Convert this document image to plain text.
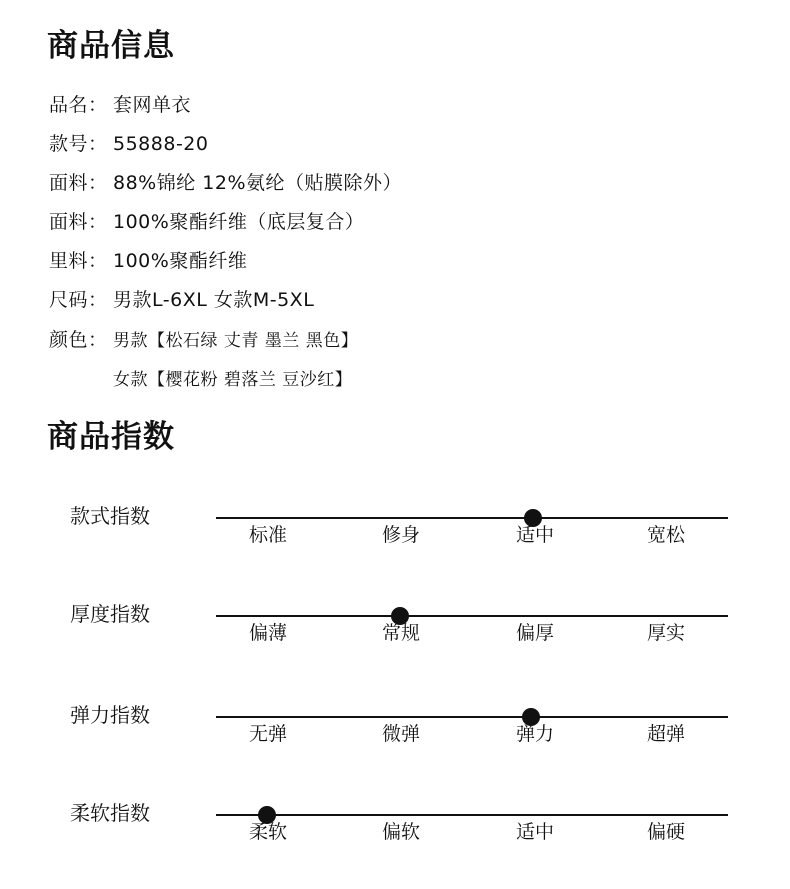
商品信息
品名： 套网单衣
款号： 55888-20
面料： 88%锦纶 12%氨纶（贴膜除外）
面料： 100%聚酯纤维（底层复合）
里料： 100%聚酯纤维
尺码： 男款L-6XL 女款M-5XL
颜色： 男款【松石绿 丈青 墨兰 黑色】
女款【樱花粉 碧落兰 豆沙红】
商品指数
款式指数
标准	修身	适中	宽松
厚度指数
偏薄	常规	偏厚	厚实
弹力指数
无弹	微弹	弹力	超弹
柔软指数
柔软	偏软	适中	偏硬
